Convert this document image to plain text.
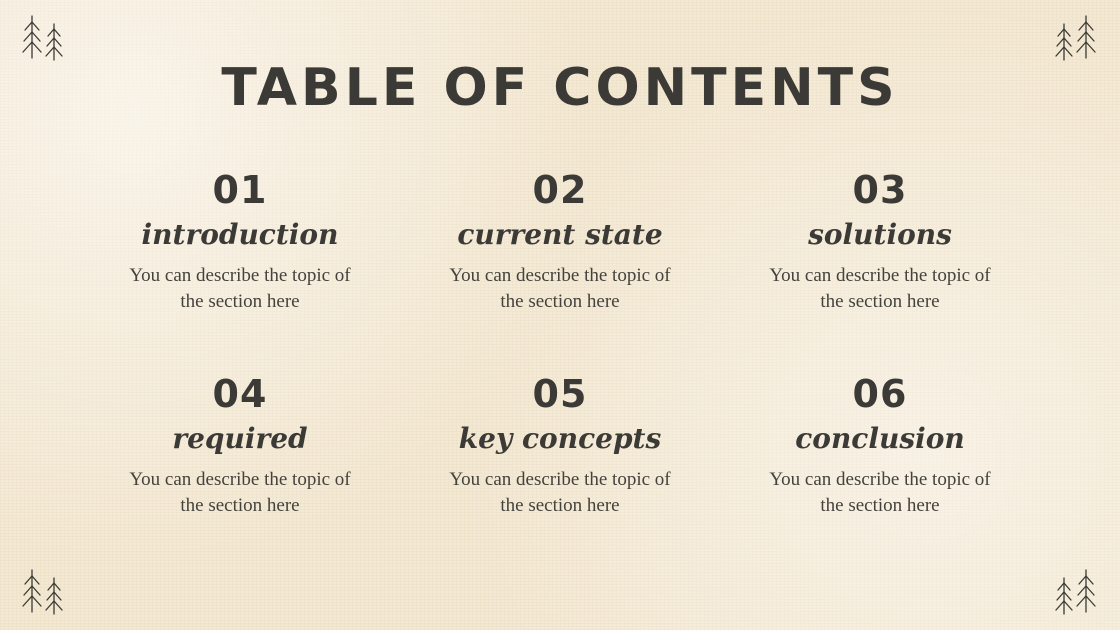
TABLE OF CONTENTS
01
introduction
You can describe the topic of the section here
02
current state
You can describe the topic of the section here
03
solutions
You can describe the topic of the section here
04
required
You can describe the topic of the section here
05
key concepts
You can describe the topic of the section here
06
conclusion
You can describe the topic of the section here
